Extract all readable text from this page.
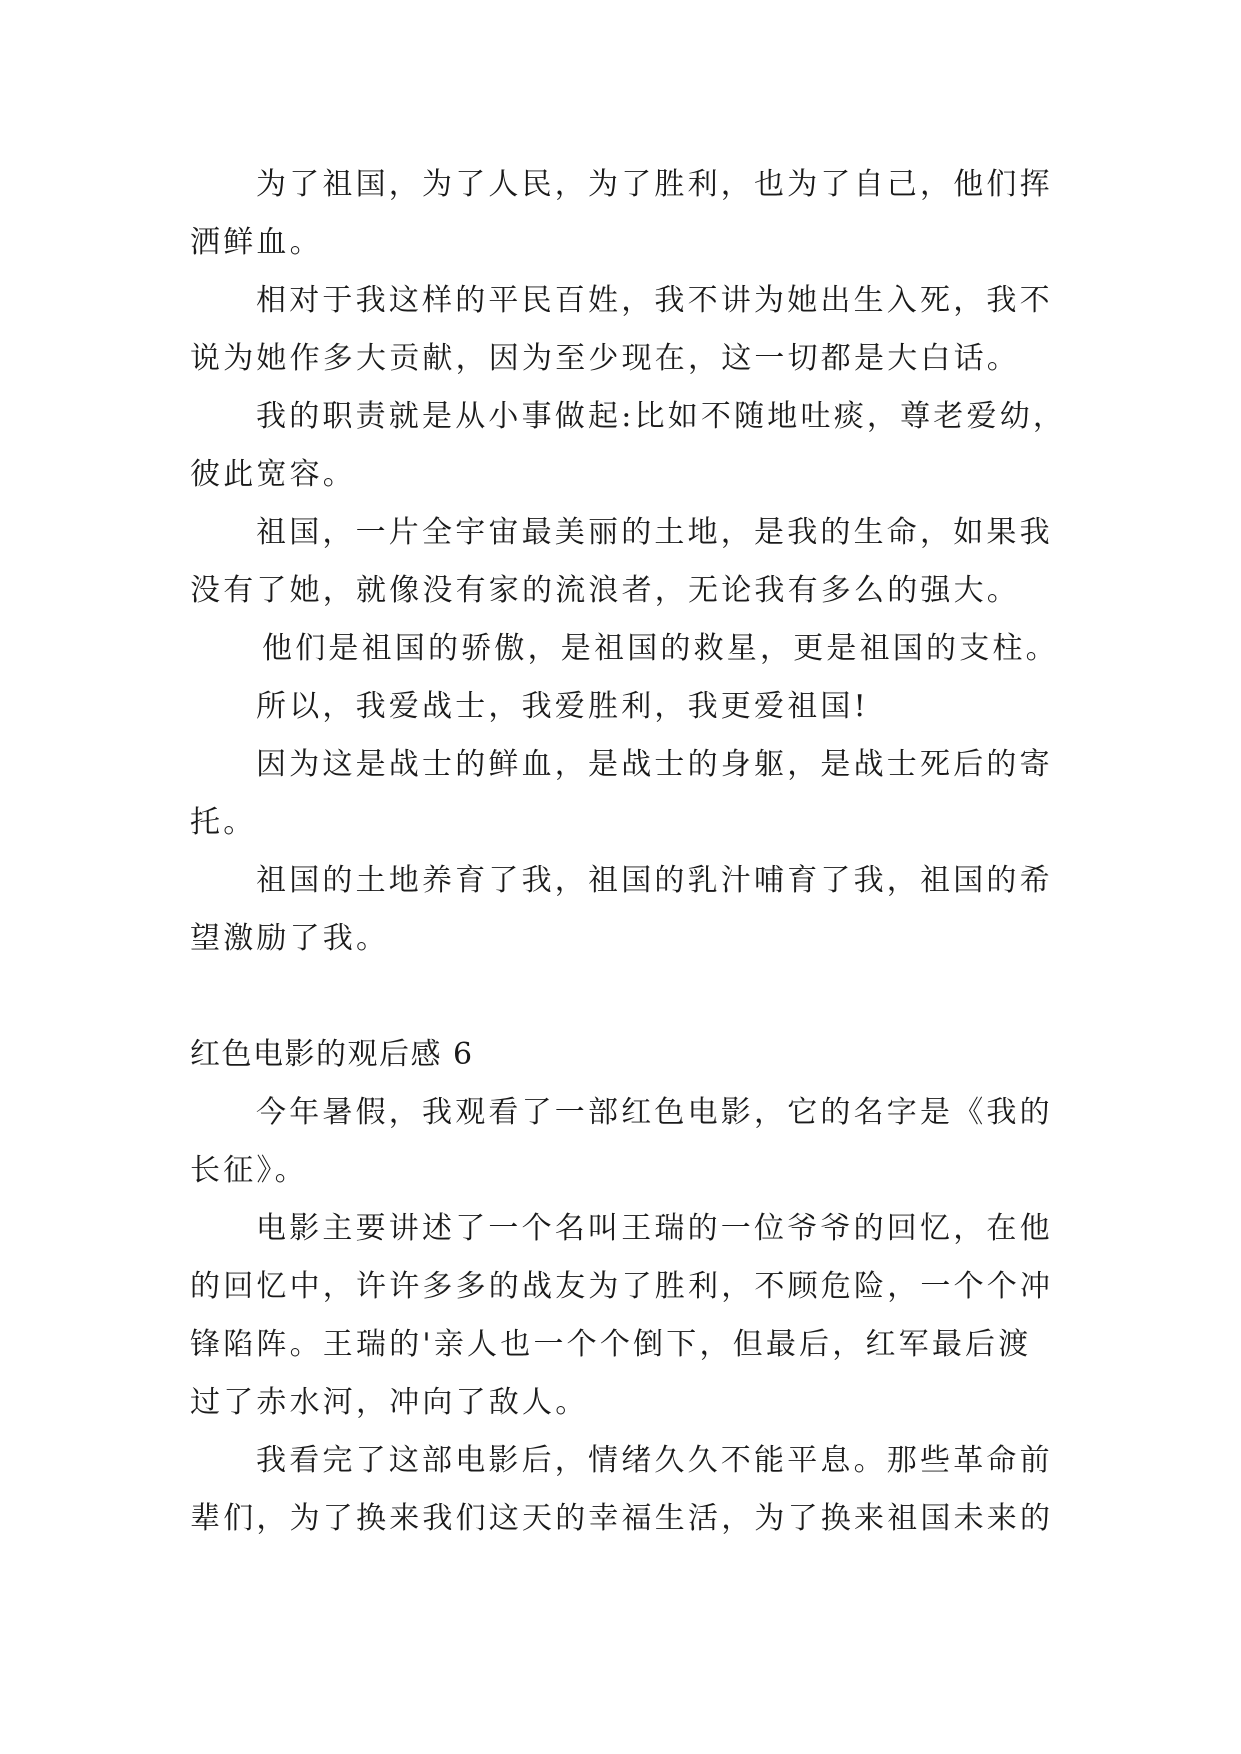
为了祖国，为了人民，为了胜利，也为了自己，他们挥
洒鲜血。
相对于我这样的平民百姓，我不讲为她出生入死，我不
说为她作多大贡献，因为至少现在，这一切都是大白话。
我的职责就是从小事做起:比如不随地吐痰，尊老爱幼，
彼此宽容。
祖国，一片全宇宙最美丽的土地，是我的生命，如果我
没有了她，就像没有家的流浪者，无论我有多么的强大。
他们是祖国的骄傲，是祖国的救星，更是祖国的支柱。
所以，我爱战士，我爱胜利，我更爱祖国!
因为这是战士的鲜血，是战士的身躯，是战士死后的寄
托。
祖国的土地养育了我，祖国的乳汁哺育了我，祖国的希
望激励了我。
红色电影的观后感 6
今年暑假，我观看了一部红色电影，它的名字是《我的
长征》。
电影主要讲述了一个名叫王瑞的一位爷爷的回忆，在他
的回忆中，许许多多的战友为了胜利，不顾危险，一个个冲
锋陷阵。王瑞的'亲人也一个个倒下，但最后，红军最后渡
过了赤水河，冲向了敌人。
我看完了这部电影后，情绪久久不能平息。那些革命前
辈们，为了换来我们这天的幸福生活，为了换来祖国未来的
